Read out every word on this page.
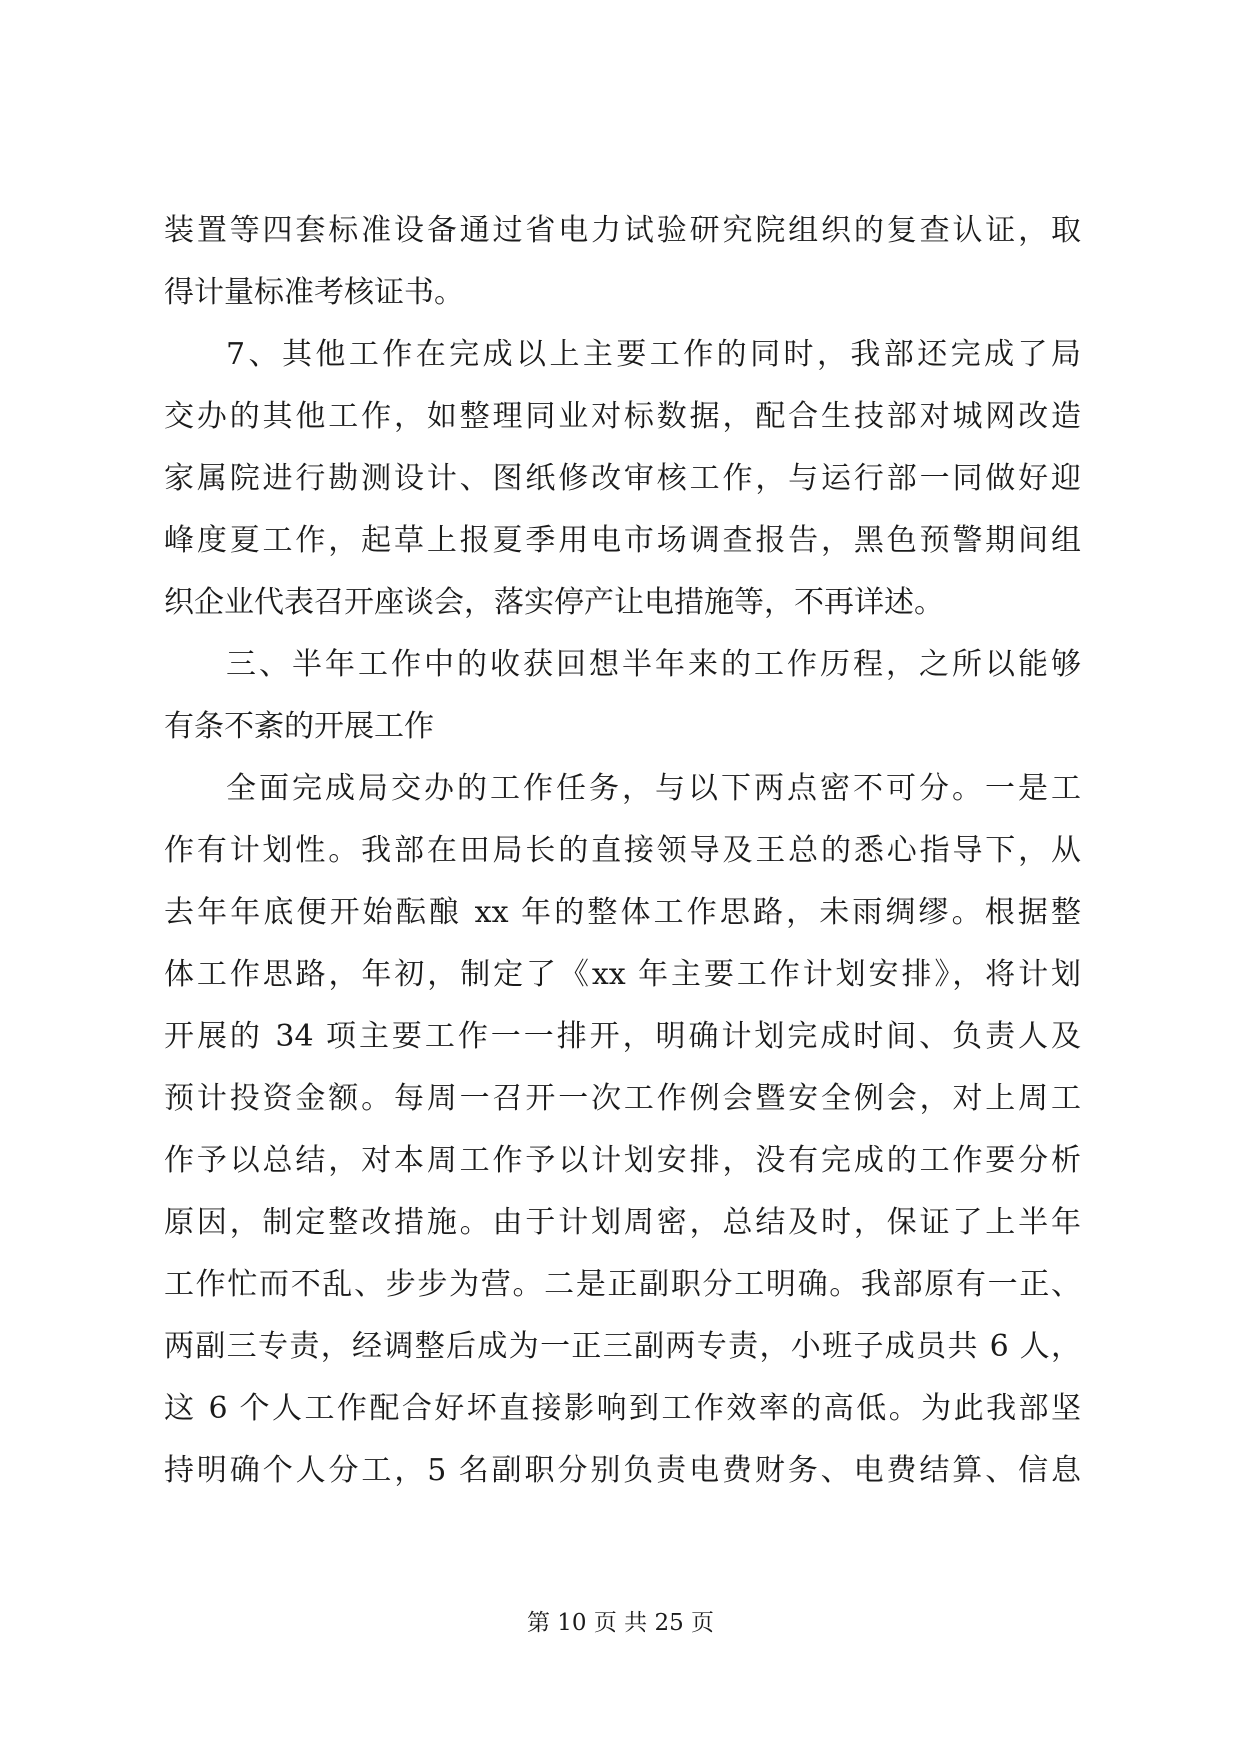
装置等四套标准设备通过省电力试验研究院组织的复查认证，取
得计量标准考核证书。
7、其他工作在完成以上主要工作的同时，我部还完成了局
交办的其他工作，如整理同业对标数据，配合生技部对城网改造
家属院进行勘测设计、图纸修改审核工作，与运行部一同做好迎
峰度夏工作，起草上报夏季用电市场调查报告，黑色预警期间组
织企业代表召开座谈会，落实停产让电措施等，不再详述。
三、半年工作中的收获回想半年来的工作历程，之所以能够
有条不紊的开展工作
全面完成局交办的工作任务，与以下两点密不可分。一是工
作有计划性。我部在田局长的直接领导及王总的悉心指导下，从
去年年底便开始酝酿 xx 年的整体工作思路，未雨绸缪。根据整
体工作思路，年初，制定了《xx 年主要工作计划安排》，将计划
开展的 34 项主要工作一一排开，明确计划完成时间、负责人及
预计投资金额。每周一召开一次工作例会暨安全例会，对上周工
作予以总结，对本周工作予以计划安排，没有完成的工作要分析
原因，制定整改措施。由于计划周密，总结及时，保证了上半年
工作忙而不乱、步步为营。二是正副职分工明确。我部原有一正、
两副三专责，经调整后成为一正三副两专责，小班子成员共 6 人，
这 6 个人工作配合好坏直接影响到工作效率的高低。为此我部坚
持明确个人分工，5 名副职分别负责电费财务、电费结算、信息
第 10 页 共 25 页
